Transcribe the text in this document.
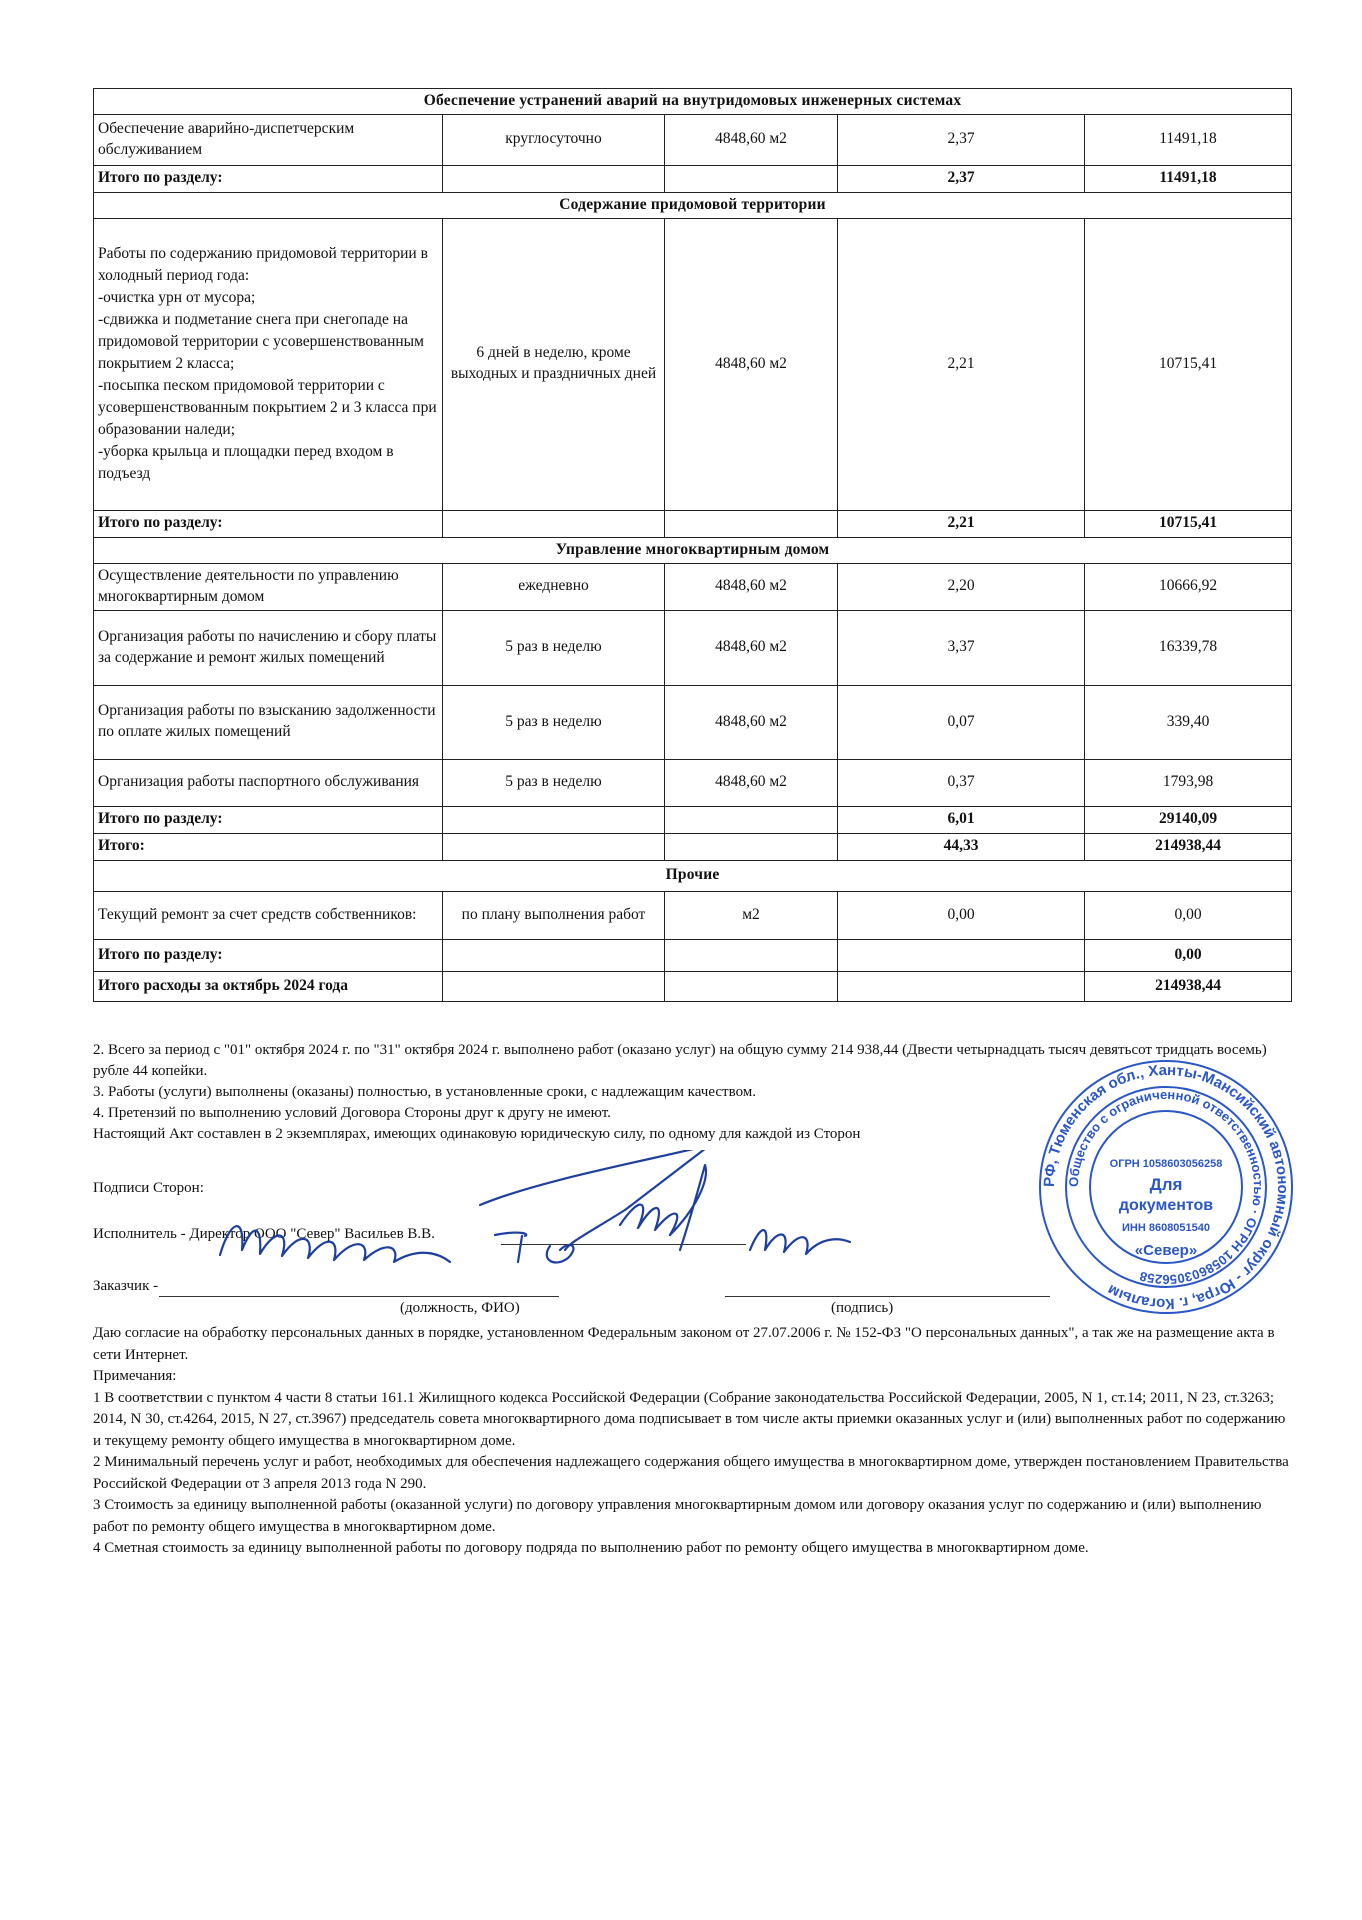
Обеспечение устранений аварий на внутридомовых инженерных системах				
Обеспечение аварийно-диспетчерским обслуживанием	круглосуточно	4848,60 м2	2,37	11491,18
Итого по разделу:			2,37	11491,18
Содержание придомовой территории				

Работы по содержанию придомовой территории в холодный период года:
-очистка урн от мусора;
-сдвижка и подметание снега при снегопаде на придомовой территории с усовершенствованным покрытием 2 класса;
-посыпка песком придомовой территории с усовершенствованным покрытием 2 и 3 класса при образовании наледи;
-уборка крыльца и площадки перед входом в подъезд	6 дней в неделю, кроме выходных и праздничных дней	4848,60 м2	2,21	10715,41
Итого по разделу:			2,21	10715,41
Управление многоквартирным домом				
Осуществление деятельности по управлению многоквартирным домом	ежедневно	4848,60 м2	2,20	10666,92
Организация работы по начислению и сбору платы за содержание и ремонт жилых помещений	5 раз в неделю	4848,60 м2	3,37	16339,78
Организация работы по взысканию задолженности по оплате жилых помещений	5 раз в неделю	4848,60 м2	0,07	339,40
Организация работы паспортного обслуживания	5 раз в неделю	4848,60 м2	0,37	1793,98
Итого по разделу:			6,01	29140,09
Итого:			44,33	214938,44
Прочие				
Текущий ремонт за счет средств собственников:	по плану выполнения работ	м2	0,00	0,00
Итого по разделу:				0,00
Итого расходы за октябрь 2024 года				214938,44

2. Всего за период с "01" октября 2024 г. по "31" октября 2024 г. выполнено работ (оказано услуг) на общую сумму 214 938,44 (Двести четырнадцать тысяч девятьсот тридцать восемь) рубле 44 копейки.

3. Работы (услуги) выполнены (оказаны) полностью, в установленные сроки, с надлежащим качеством.

4. Претензий по выполнению условий Договора Стороны друг к другу не имеют.

Настоящий Акт составлен в 2 экземплярах, имеющих одинаковую юридическую силу, по одному для каждой из Сторон

Подписи Сторон:
Исполнитель - Директор ООО "Север" Васильев В.В.
Заказчик -
(должность, ФИО)	(подпись)
РФ, Тюменская обл., Ханты-Мансийский автономный округ - Югра, г. Когалым
Общество с ограниченной ответственностью · ОГРН 1058603056258
ОГРН 1058603056258
Для
документов
ИНН 8608051540
«Север»

Даю согласие на обработку персональных данных в порядке, установленном Федеральным законом от 27.07.2006 г. № 152-ФЗ "О персональных данных", а так же на размещение акта в сети Интернет.

Примечания:

1 В соответствии с пунктом 4 части 8 статьи 161.1 Жилищного кодекса Российской Федерации (Собрание законодательства Российской Федерации, 2005, N 1, ст.14; 2011, N 23, ст.3263; 2014, N 30, ст.4264, 2015, N 27, ст.3967) председатель совета многоквартирного дома подписывает в том числе акты приемки оказанных услуг и (или) выполненных работ по содержанию и текущему ремонту общего имущества в многоквартирном доме.

2 Минимальный перечень услуг и работ, необходимых для обеспечения надлежащего содержания общего имущества в многоквартирном доме, утвержден постановлением Правительства Российской Федерации от 3 апреля 2013 года N 290.

3 Стоимость за единицу выполненной работы (оказанной услуги) по договору управления многоквартирным домом или договору оказания услуг по содержанию и (или) выполнению работ по ремонту общего имущества в многоквартирном доме.

4 Сметная стоимость за единицу выполненной работы по договору подряда по выполнению работ по ремонту общего имущества в многоквартирном доме.
